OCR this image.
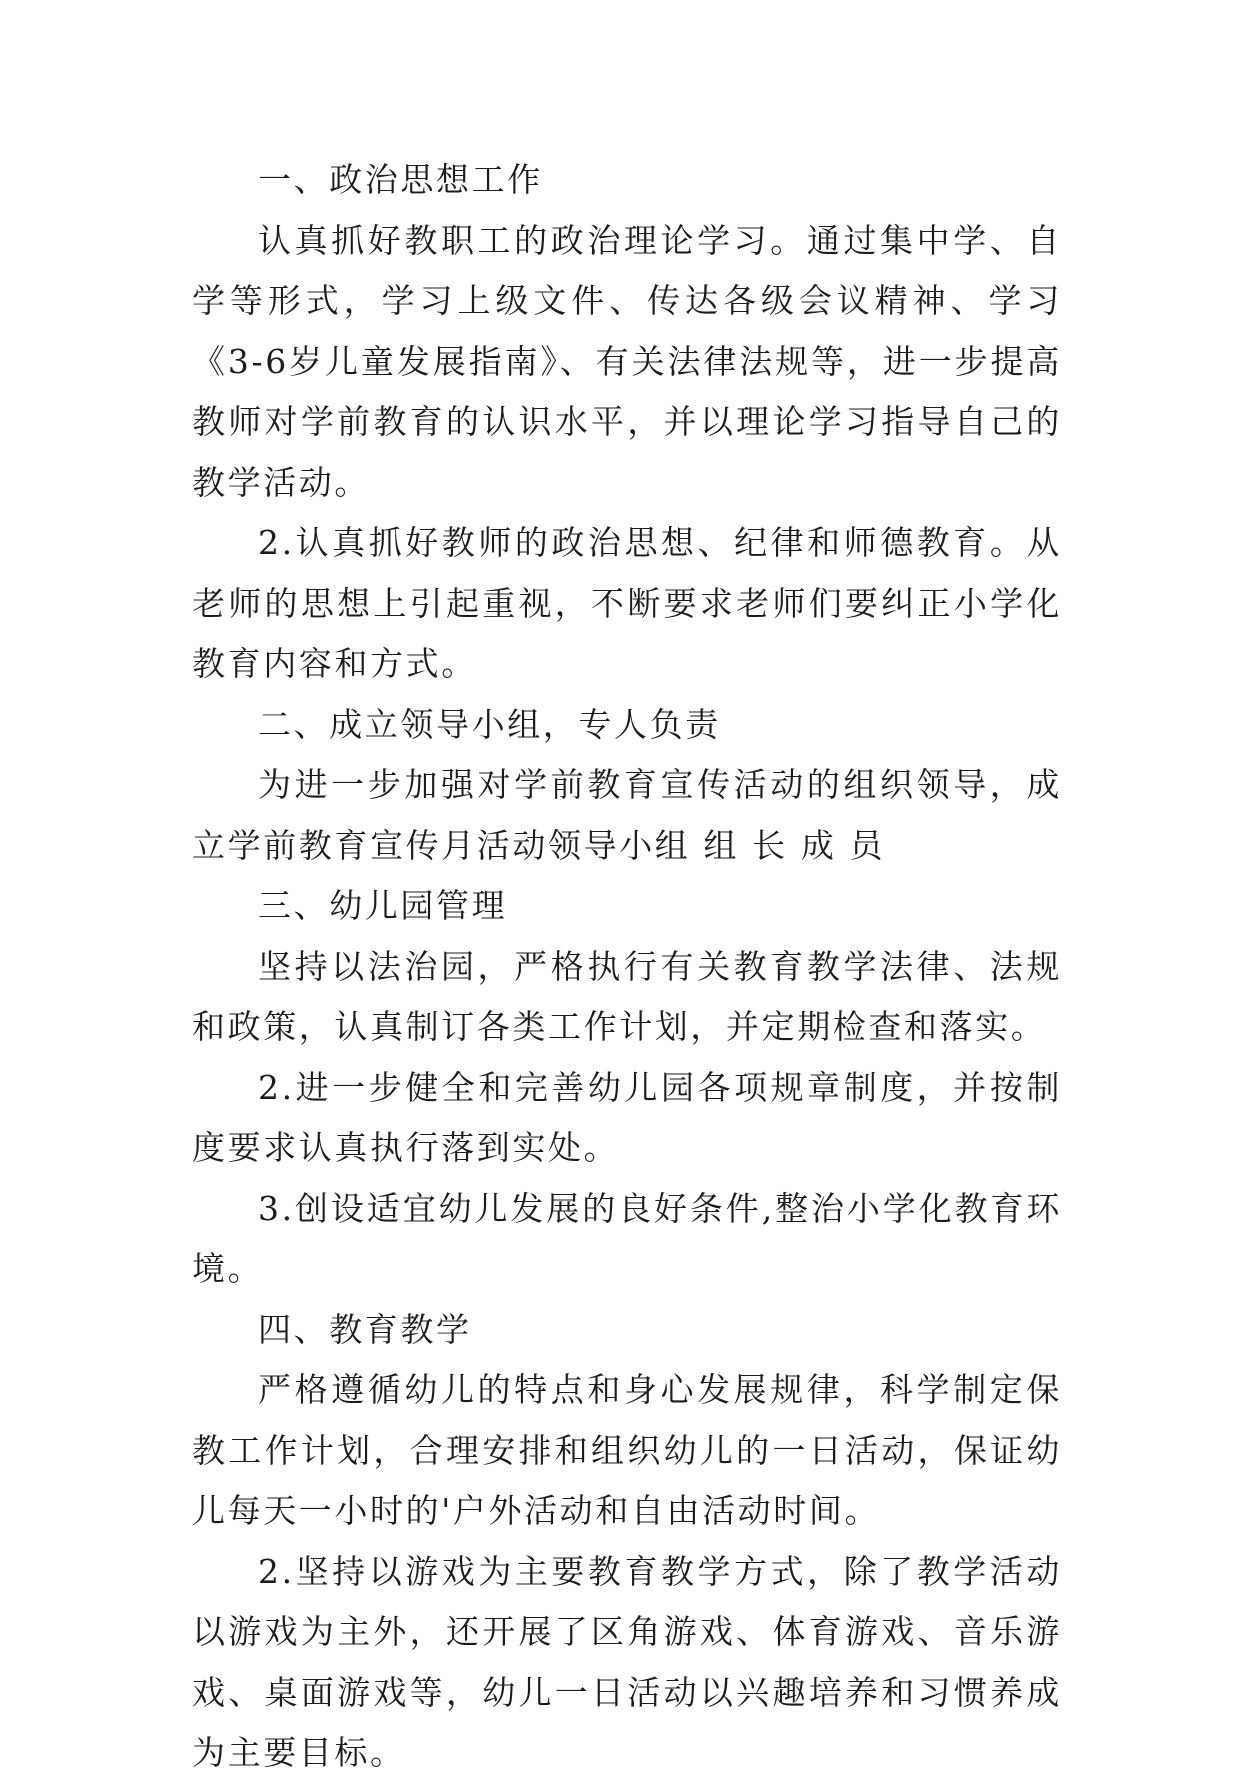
一、政治思想工作

认真抓好教职工的政治理论学习。通过集中学、自学等形式，学习上级文件、传达各级会议精神、学习《3-6岁儿童发展指南》、有关法律法规等，进一步提高教师对学前教育的认识水平，并以理论学习指导自己的教学活动。

2.认真抓好教师的政治思想、纪律和师德教育。从老师的思想上引起重视，不断要求老师们要纠正小学化教育内容和方式。

二、成立领导小组，专人负责

为进一步加强对学前教育宣传活动的组织领导，成立学前教育宣传月活动领导小组 组 长 成 员

三、幼儿园管理

坚持以法治园，严格执行有关教育教学法律、法规和政策，认真制订各类工作计划，并定期检查和落实。

2.进一步健全和完善幼儿园各项规章制度，并按制度要求认真执行落到实处。

3.创设适宜幼儿发展的良好条件,整治小学化教育环境。

四、教育教学

严格遵循幼儿的特点和身心发展规律，科学制定保教工作计划，合理安排和组织幼儿的一日活动，保证幼儿每天一小时的'户外活动和自由活动时间。

2.坚持以游戏为主要教育教学方式，除了教学活动以游戏为主外，还开展了区角游戏、体育游戏、音乐游戏、桌面游戏等，幼儿一日活动以兴趣培养和习惯养成为主要目标。
